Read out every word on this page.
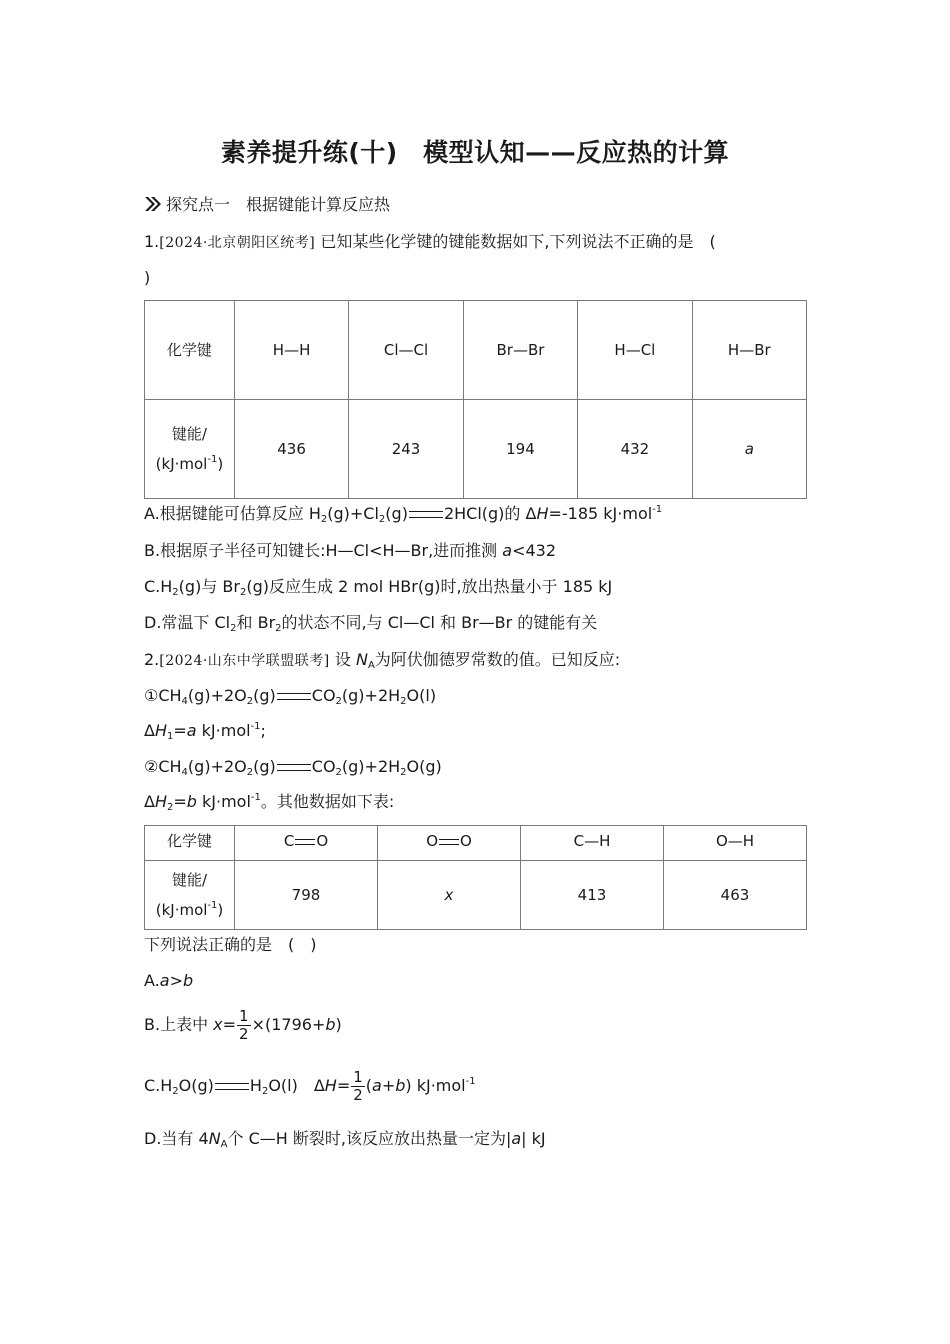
素养提升练(十)　模型认知——反应热的计算
探究点一　根据键能计算反应热
1.[2024·北京朝阳区统考] 已知某些化学键的键能数据如下,下列说法不正确的是　(
)
化学键	H—H	Cl—Cl	Br—Br	H—Cl	H—Br

键能/
(kJ·mol$^{-1}$)	436	243	194	432	a
A.根据键能可估算反应 $H_2(g)+Cl_2(g)$ 2HCl(g)的 ΔH=-185 kJ·mol$^{-1}$
B.根据原子半径可知键长:H—Cl<H—Br,进而推测 a<432
$C.H_2(g)$与 $Br_2(g)$反应生成 2 mol HBr(g)时,放出热量小于 185 kJ
D.常温下 $Cl_2$和 $Br_2$的状态不同,与 Cl—Cl 和 Br—Br 的键能有关
2.[2024·山东中学联盟联考] 设 $N_A$为阿伏伽德罗常数的值。已知反应:
$①CH_4(g)+2O_2(g)$ $CO_2(g)+2H_2O(l)$
$\Delta H_1=a$ kJ·mol$^{-1}$;
$②CH_4(g)+2O_2(g)$ $CO_2(g)+2H_2O(g)$
$\Delta H_2=b$ kJ·mol$^{-1}$。其他数据如下表:
化学键	C O	O O	C—H	O—H

键能/
(kJ·mol$^{-1}$)	798	x	413	463
下列说法正确的是　(　)
A.a>b
B.上表中 $x= \frac{1}{2} \times(1796+b)$
$C.H_2O(g)$ $H_2O(l)$　$\Delta H= \frac{1}{2} (a+b)$ kJ·mol$^{-1}$
D.当有 $4N_A$个 C—H 断裂时,该反应放出热量一定为|a| kJ
